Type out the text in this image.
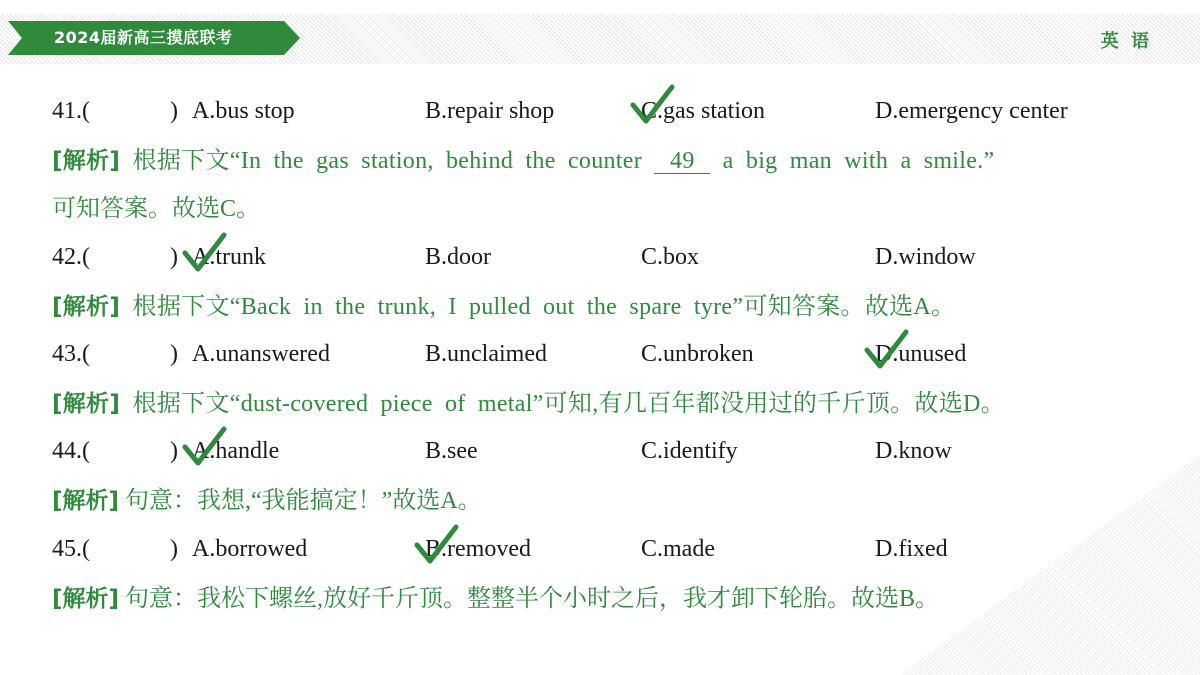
2024届新高三摸底联考	英 语
41.(	) A.bus stop	B.repair shop	C.gas station	D.emergency center
[解析] 根据下文“In the gas station, behind the counter 49 a big man with a smile.”
可知答案。故选C。
42.(	) A.trunk	B.door	C.box	D.window
[解析] 根据下文“Back in the trunk, I pulled out the spare tyre”可知答案。故选A。
43.(	) A.unanswered	B.unclaimed	C.unbroken	D.unused
[解析] 根据下文“dust-covered piece of metal”可知,有几百年都没用过的千斤顶。故选D。
44.(	) A.handle	B.see	C.identify	D.know
[解析] 句意：我想,“我能搞定！”故选A。
45.(	) A.borrowed	B.removed	C.made	D.fixed
[解析] 句意：我松下螺丝,放好千斤顶。整整半个小时之后，我才卸下轮胎。故选B。
